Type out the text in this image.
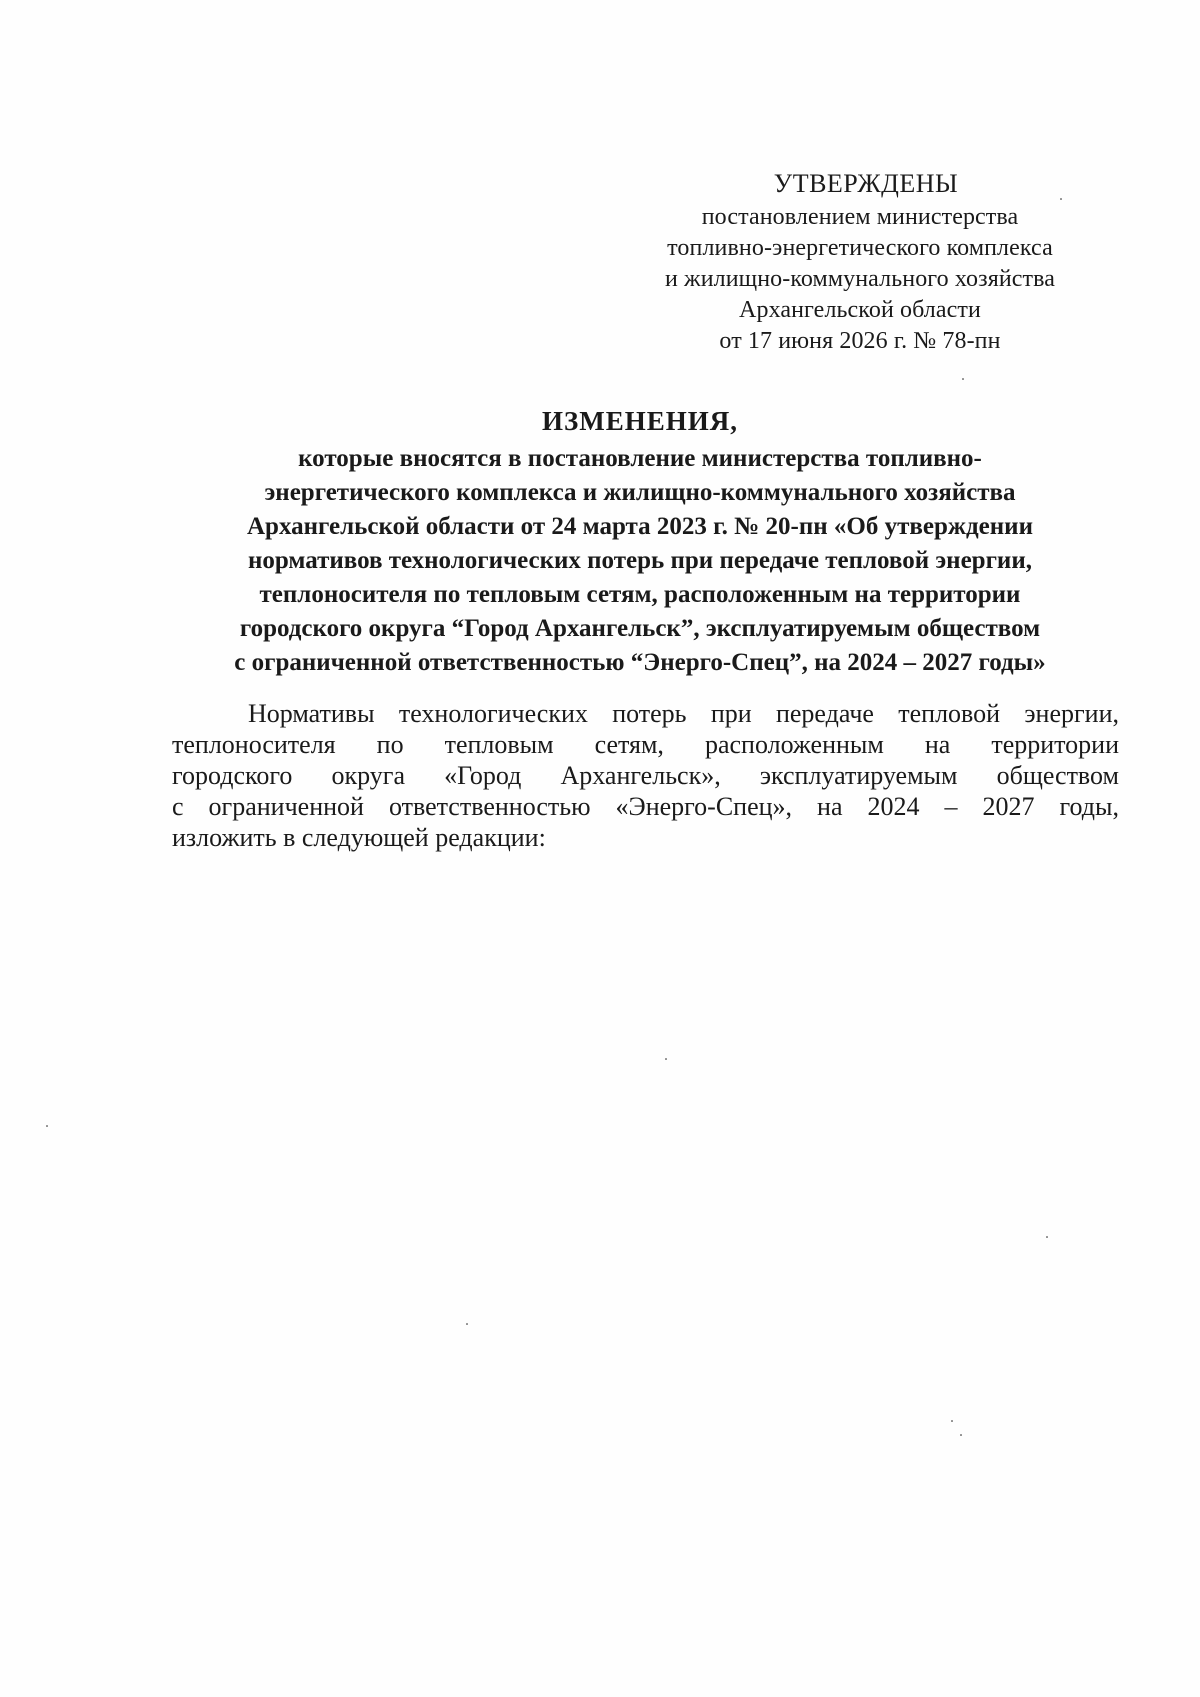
УТВЕРЖДЕНЫ
постановлением министерства
топливно-энергетического комплекса
и жилищно-коммунального хозяйства
Архангельской области
от 17 июня 2026 г. № 78-пн
ИЗМЕНЕНИЯ,
которые вносятся в постановление министерства топливно-
энергетического комплекса и жилищно-коммунального хозяйства
Архангельской области от 24 марта 2023 г. № 20-пн «Об утверждении
нормативов технологических потерь при передаче тепловой энергии,
теплоносителя по тепловым сетям, расположенным на территории
городского округа “Город Архангельск”, эксплуатируемым обществом
с ограниченной ответственностью “Энерго-Спец”, на 2024 – 2027 годы»
Нормативы технологических потерь при передаче тепловой энергии,
теплоносителя по тепловым сетям, расположенным на территории
городского округа «Город Архангельск», эксплуатируемым обществом
с ограниченной ответственностью «Энерго-Спец», на 2024 – 2027 годы,
изложить в следующей редакции:
